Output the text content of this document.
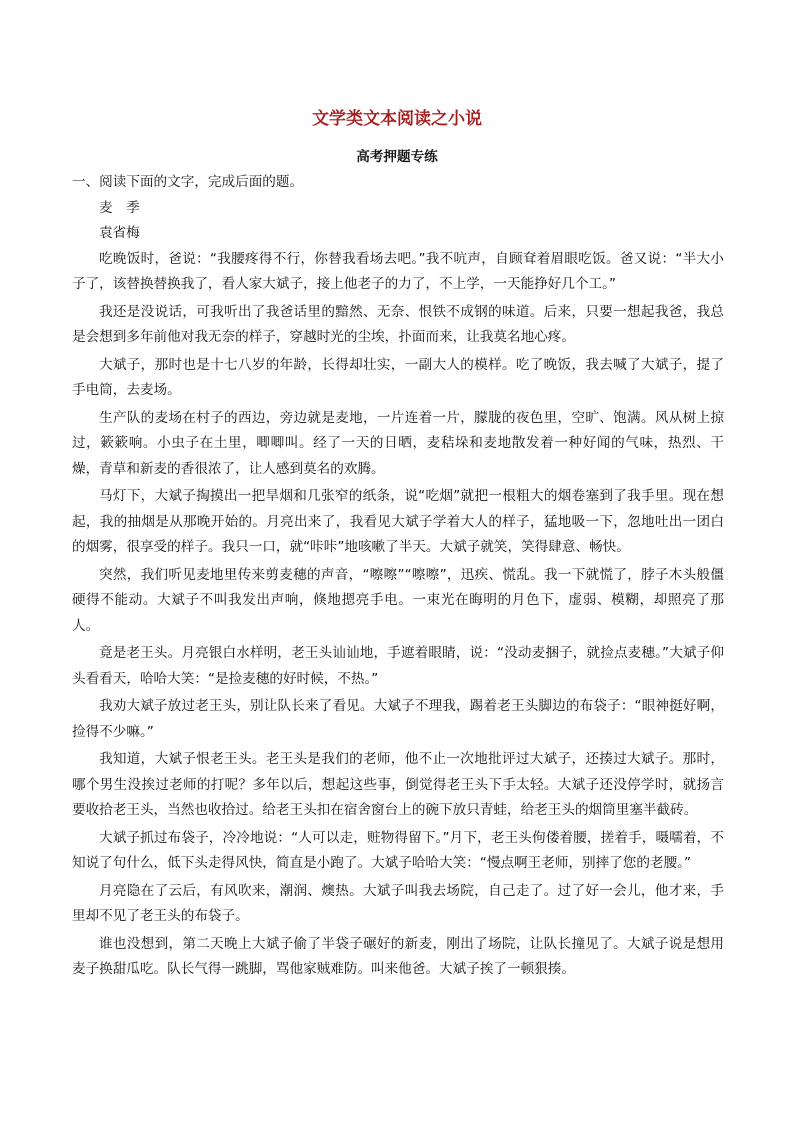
文学类文本阅读之小说
高考押题专练

一、阅读下面的文字，完成后面的题。

麦　季

袁省梅

吃晚饭时，爸说：“我腰疼得不行，你替我看场去吧。”我不吭声，自顾耷着眉眼吃饭。爸又说：“半大小子了，该替换替换我了，看人家大斌子，接上他老子的力了，不上学，一天能挣好几个工。”

我还是没说话，可我听出了我爸话里的黯然、无奈、恨铁不成钢的味道。后来，只要一想起我爸，我总是会想到多年前他对我无奈的样子，穿越时光的尘埃，扑面而来，让我莫名地心疼。

大斌子，那时也是十七八岁的年龄，长得却壮实，一副大人的模样。吃了晚饭，我去喊了大斌子，提了手电筒，去麦场。

生产队的麦场在村子的西边，旁边就是麦地，一片连着一片，朦胧的夜色里，空旷、饱满。风从树上掠过，簌簌响。小虫子在土里，唧唧叫。经了一天的日晒，麦秸垛和麦地散发着一种好闻的气味，热烈、干燥，青草和新麦的香很浓了，让人感到莫名的欢腾。

马灯下，大斌子掏摸出一把旱烟和几张窄的纸条，说“吃烟”就把一根粗大的烟卷塞到了我手里。现在想起，我的抽烟是从那晚开始的。月亮出来了，我看见大斌子学着大人的样子，猛地吸一下，忽地吐出一团白的烟雾，很享受的样子。我只一口，就“咔咔”地咳嗽了半天。大斌子就笑，笑得肆意、畅快。

突然，我们听见麦地里传来剪麦穗的声音，“嚓嚓”“嚓嚓”，迅疾、慌乱。我一下就慌了，脖子木头般僵硬得不能动。大斌子不叫我发出声响，倏地摁亮手电。一束光在晦明的月色下，虚弱、模糊，却照亮了那人。

竟是老王头。月亮银白水样明，老王头讪讪地，手遮着眼睛，说：“没动麦捆子，就捡点麦穗。”大斌子仰头看看天，哈哈大笑：“是捡麦穗的好时候，不热。”

我劝大斌子放过老王头，别让队长来了看见。大斌子不理我，踢着老王头脚边的布袋子：“眼神挺好啊，捡得不少嘛。”

我知道，大斌子恨老王头。老王头是我们的老师，他不止一次地批评过大斌子，还揍过大斌子。那时，哪个男生没挨过老师的打呢？多年以后，想起这些事，倒觉得老王头下手太轻。大斌子还没停学时，就扬言要收拾老王头，当然也收拾过。给老王头扣在宿舍窗台上的碗下放只青蛙，给老王头的烟筒里塞半截砖。

大斌子抓过布袋子，冷冷地说：“人可以走，赃物得留下。”月下，老王头佝偻着腰，搓着手，嗫嚅着，不知说了句什么，低下头走得风快，简直是小跑了。大斌子哈哈大笑：“慢点啊王老师，别摔了您的老腰。”

月亮隐在了云后，有风吹来，潮润、燠热。大斌子叫我去场院，自己走了。过了好一会儿，他才来，手里却不见了老王头的布袋子。

谁也没想到，第二天晚上大斌子偷了半袋子碾好的新麦，刚出了场院，让队长撞见了。大斌子说是想用麦子换甜瓜吃。队长气得一跳脚，骂他家贼难防。叫来他爸。大斌子挨了一顿狠揍。
